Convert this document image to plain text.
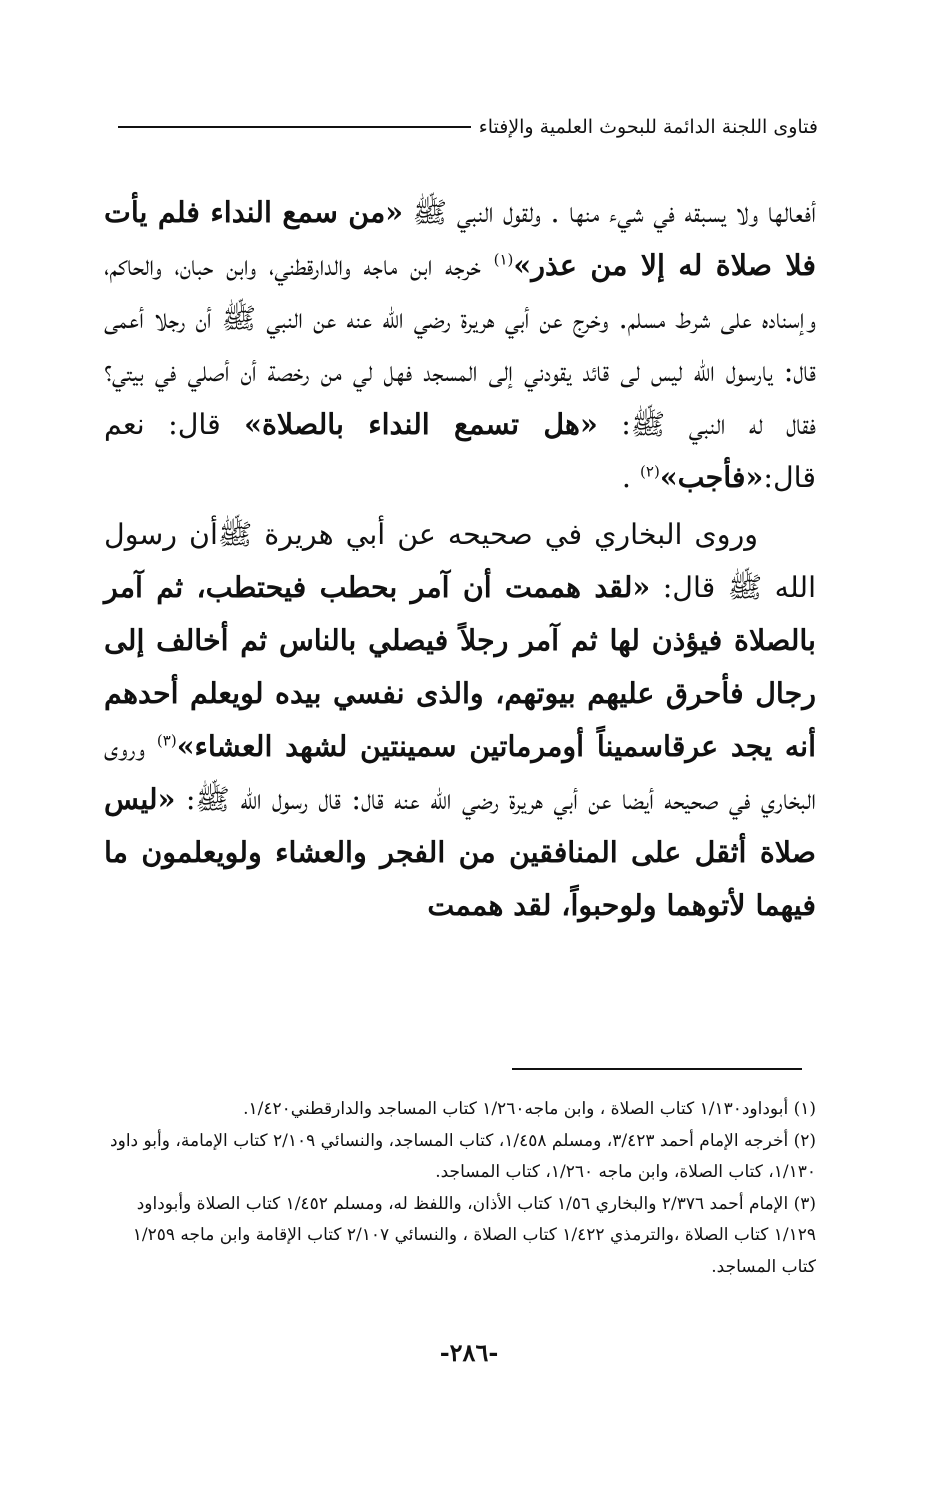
فتاوى اللجنة الدائمة للبحوث العلمية والإفتاء

أفعالها ولا يسبقه في شيء منها . ولقول النبي ﷺ «من سمع النداء فلم يأت فلا صلاة له إلا من عذر»$^{(١)}$ خرجه ابن ماجه والدارقطني، وابن حبان، والحاكم، وإسناده على شرط مسلم. وخرج عن أبي هريرة رضي الله عنه عن النبي ﷺ أن رجلا أعمى قال: يارسول الله ليس لى قائد يقودني إلى المسجد فهل لي من رخصة أن أصلي في بيتي؟ فقال له النبي ﷺ: «هل تسمع النداء بالصلاة» قال: نعم قال:«فأجب»$^{(٢)}$ .

وروى البخاري في صحيحه عن أبي هريرة ﷺأن رسول الله ﷺ قال: «لقد هممت أن آمر بحطب فيحتطب، ثم آمر بالصلاة فيؤذن لها ثم آمر رجلاً فيصلي بالناس ثم أخالف إلى رجال فأحرق عليهم بيوتهم، والذى نفسي بيده لويعلم أحدهم أنه يجد عرقاسميناً أومرماتين سمينتين لشهد العشاء»$^{(٣)}$ وروى البخاري في صحيحه أيضا عن أبي هريرة رضي الله عنه قال: قال رسول الله ﷺ: «ليس صلاة أثقل على المنافقين من الفجر والعشاء ولويعلمون ما فيهما لأتوهما ولوحبواً، لقد هممت

(١) أبوداود١/١٣٠ كتاب الصلاة ، وابن ماجه١/٢٦٠ كتاب المساجد والدارقطني١/٤٢٠.
(٢) أخرجه الإمام أحمد ٣/٤٢٣، ومسلم ١/٤٥٨، كتاب المساجد، والنسائي ٢/١٠٩ كتاب الإمامة، وأبو داود ١/١٣٠، كتاب الصلاة، وابن ماجه ١/٢٦٠، كتاب المساجد.
(٣) الإمام أحمد ٢/٣٧٦ والبخاري ١/٥٦ كتاب الأذان، واللفظ له، ومسلم ١/٤٥٢ كتاب الصلاة وأبوداود ١/١٢٩ كتاب الصلاة ،والترمذي ١/٤٢٢ كتاب الصلاة ، والنسائي ٢/١٠٧ كتاب الإقامة وابن ماجه ١/٢٥٩ كتاب المساجد.
-٢٨٦-
